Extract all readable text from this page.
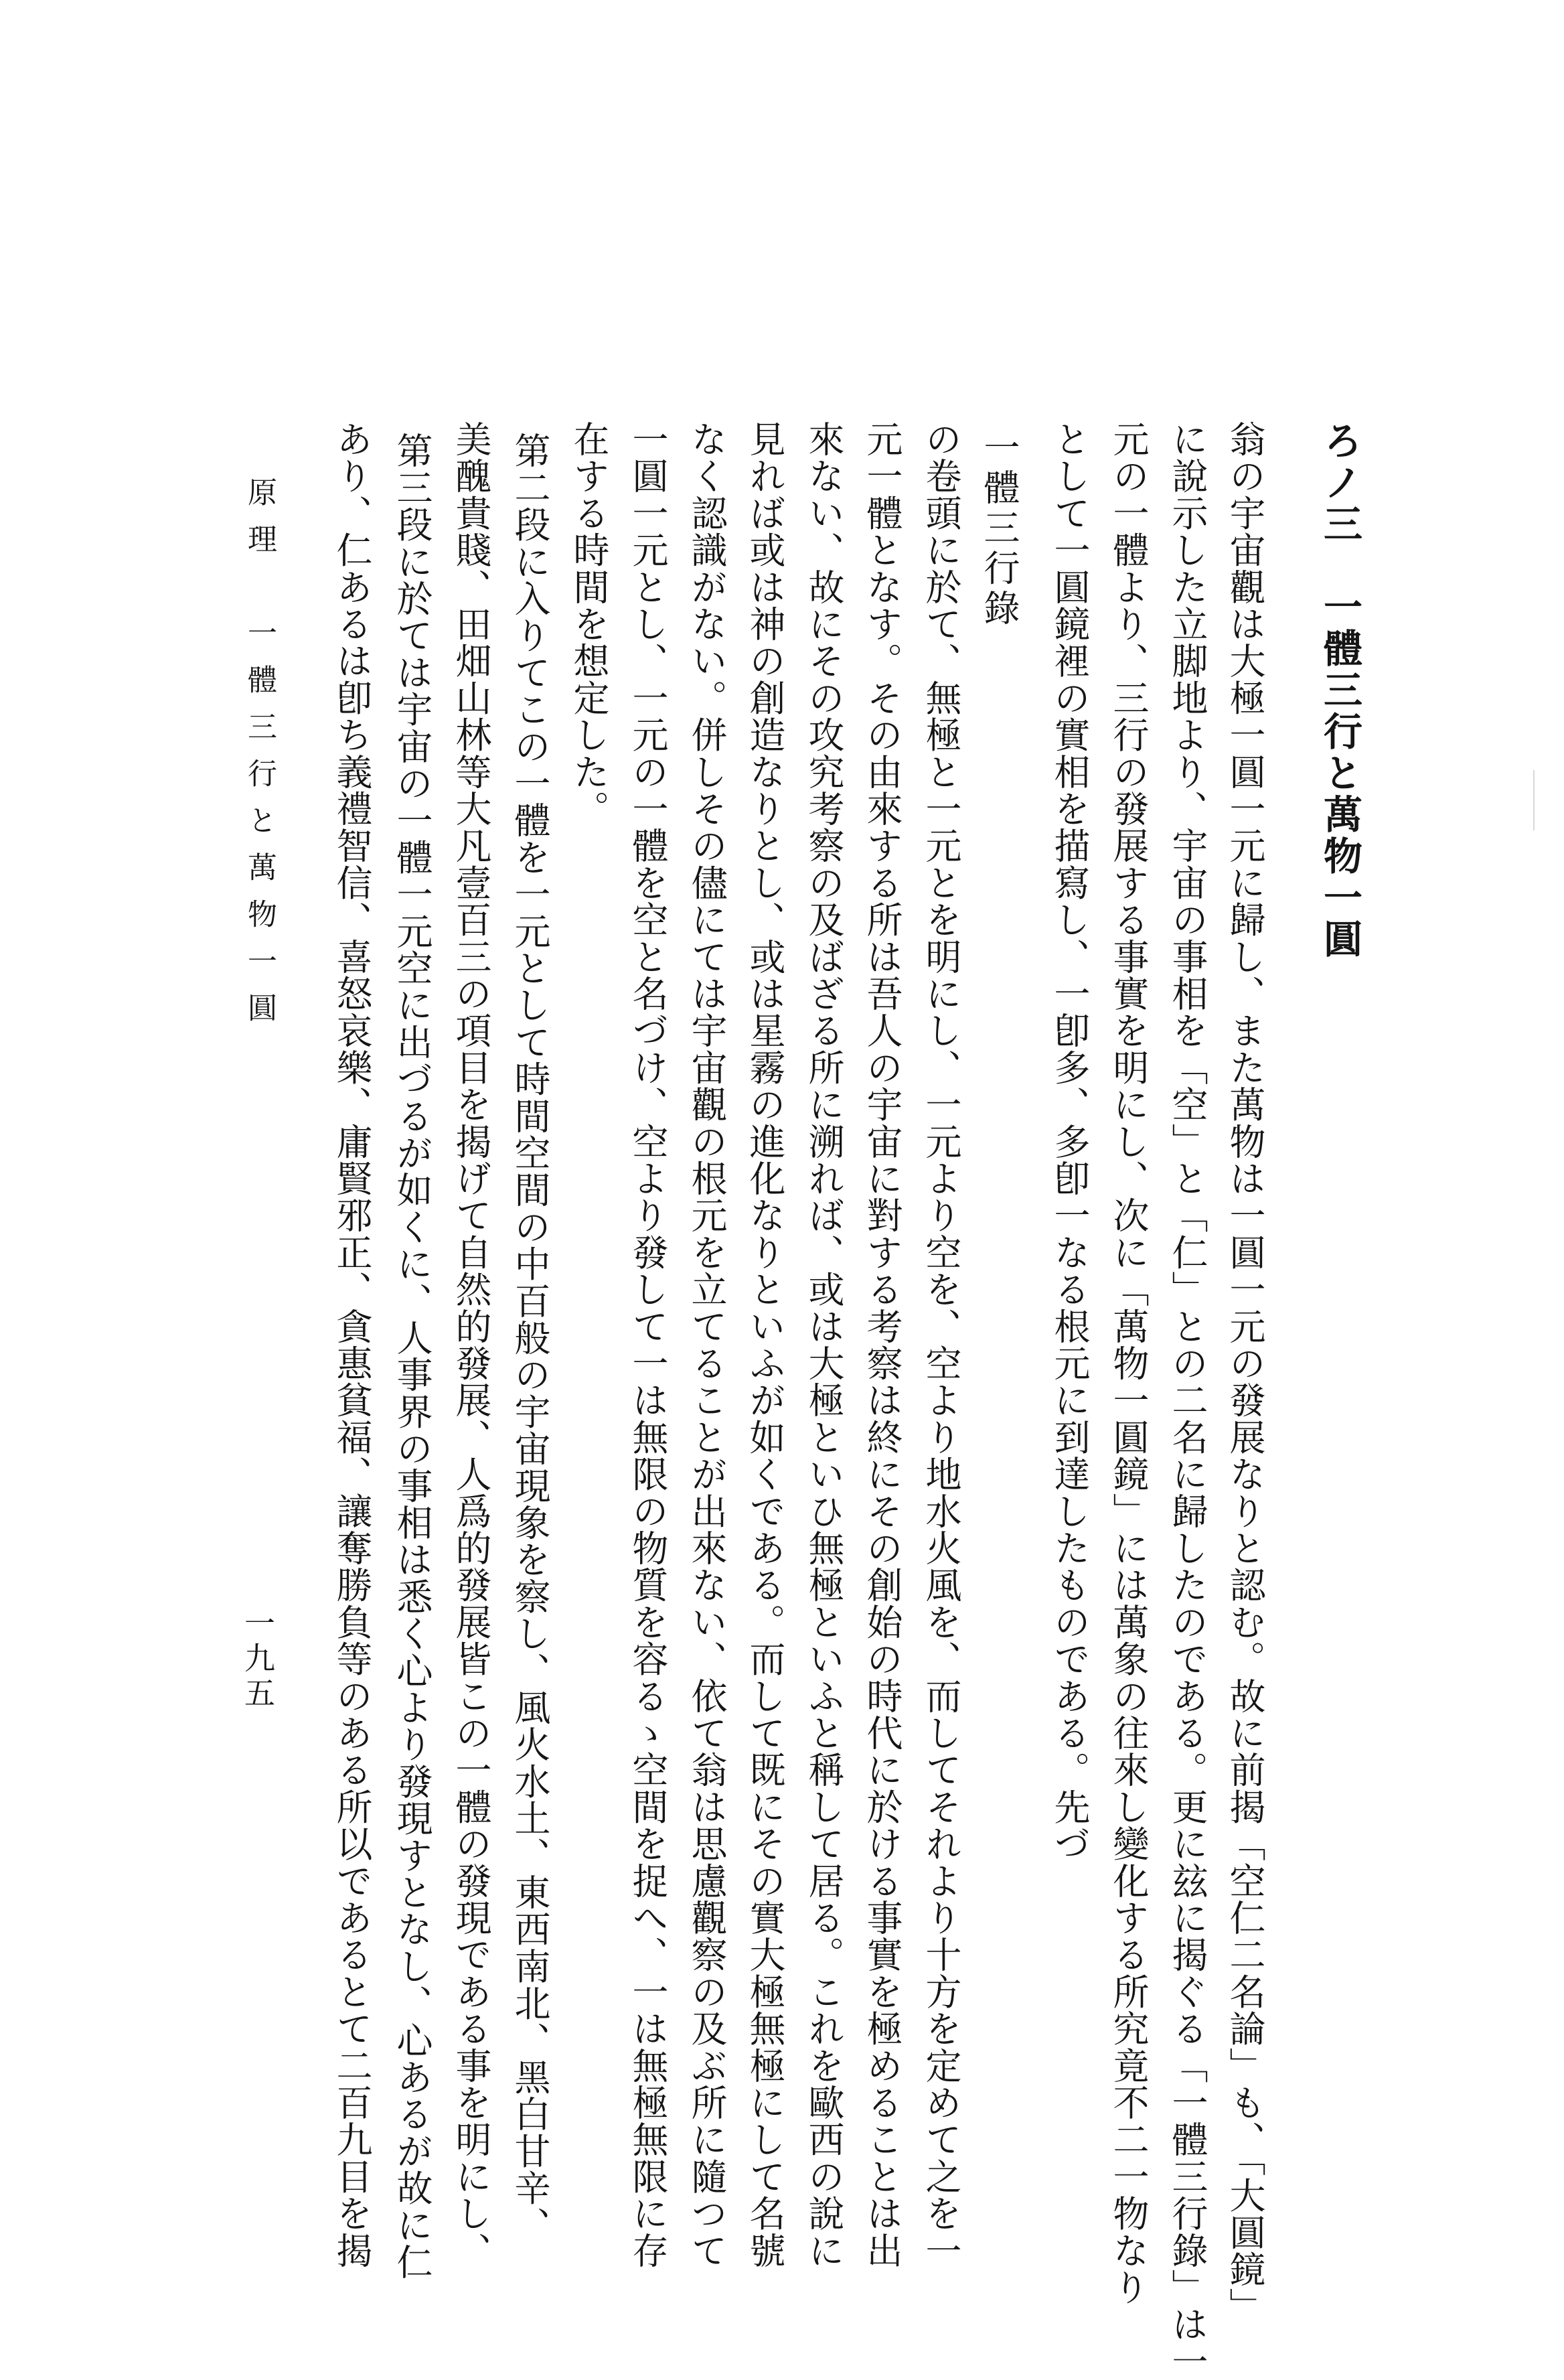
ろノ三　一體三行と萬物一圓
翁の宇宙觀は大極一圓一元に歸し、また萬物は一圓一元の發展なりと認む。故に前揭「空仁二名論」も、「大圓鏡」
に說示した立脚地より、宇宙の事相を「空」と「仁」との二名に歸したのである。更に玆に揭ぐる「一體三行錄」は一
元の一體より、三行の發展する事實を明にし、次に「萬物一圓鏡」には萬象の往來し變化する所究竟不二一物なり
として一圓鏡裡の實相を描寫し、一卽多、多卽一なる根元に到達したものである。先づ
一體三行錄
の卷頭に於て、無極と一元とを明にし、一元より空を、空より地水火風を、而してそれより十方を定めて之を一
元一體となす。その由來する所は吾人の宇宙に對する考察は終にその創始の時代に於ける事實を極めることは出
來ない、故にその攻究考察の及ばざる所に溯れば、或は大極といひ無極といふと稱して居る。これを歐西の說に
見れば或は神の創造なりとし、或は星霧の進化なりといふが如くである。而して既にその實大極無極にして名號
なく認識がない。併しその儘にては宇宙觀の根元を立てることが出來ない、依て翁は思慮觀察の及ぶ所に隨つて
一圓一元とし、一元の一體を空と名づけ、空より發して一は無限の物質を容るゝ空間を捉へ、一は無極無限に存
在する時間を想定した。
　第二段に入りてこの一體を一元として時間空間の中百般の宇宙現象を察し、風火水土、東西南北、黑白甘辛、
美醜貴賤、田畑山林等大凡壹百三の項目を揭げて自然的發展、人爲的發展皆この一體の發現である事を明にし、
　第三段に於ては宇宙の一體一元空に出づるが如くに、人事界の事相は悉く心より發現すとなし、心あるが故に仁
あり、仁あるは卽ち義禮智信、喜怒哀樂、庸賢邪正、貪惠貧福、讓奪勝負等のある所以であるとて二百九目を揭
原理　一體三行と萬物一圓
一九五
